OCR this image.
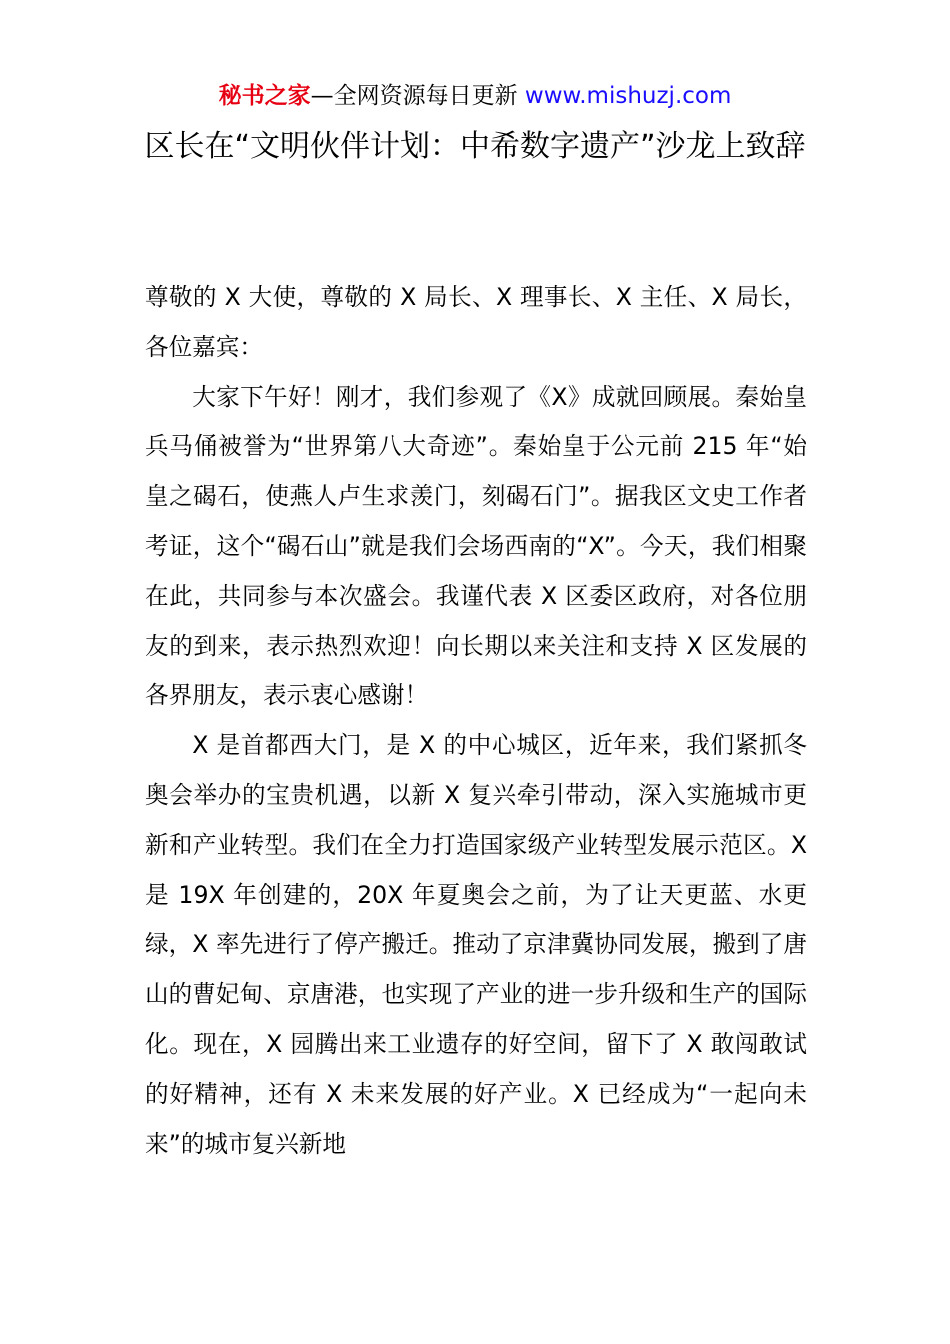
秘书之家—全网资源每日更新 www.mishuzj.com
区长在“文明伙伴计划：中希数字遗产”沙龙上致辞

尊敬的 X 大使，尊敬的 X 局长、X 理事长、X 主任、X 局长，各位嘉宾：

大家下午好！刚才，我们参观了《X》成就回顾展。秦始皇兵马俑被誉为“世界第八大奇迹”。秦始皇于公元前 215 年“始皇之碣石，使燕人卢生求羡门，刻碣石门”。据我区文史工作者考证，这个“碣石山”就是我们会场西南的“X”。今天，我们相聚在此，共同参与本次盛会。我谨代表 X 区委区政府，对各位朋友的到来，表示热烈欢迎！向长期以来关注和支持 X 区发展的各界朋友，表示衷心感谢！

X 是首都西大门，是 X 的中心城区，近年来，我们紧抓冬奥会举办的宝贵机遇，以新 X 复兴牵引带动，深入实施城市更新和产业转型。我们在全力打造国家级产业转型发展示范区。X 是 19X 年创建的，20X 年夏奥会之前，为了让天更蓝、水更绿，X 率先进行了停产搬迁。推动了京津冀协同发展，搬到了唐山的曹妃甸、京唐港，也实现了产业的进一步升级和生产的国际化。现在，X 园腾出来工业遗存的好空间，留下了 X 敢闯敢试的好精神，还有 X 未来发展的好产业。X 已经成为“一起向未来”的城市复兴新地
